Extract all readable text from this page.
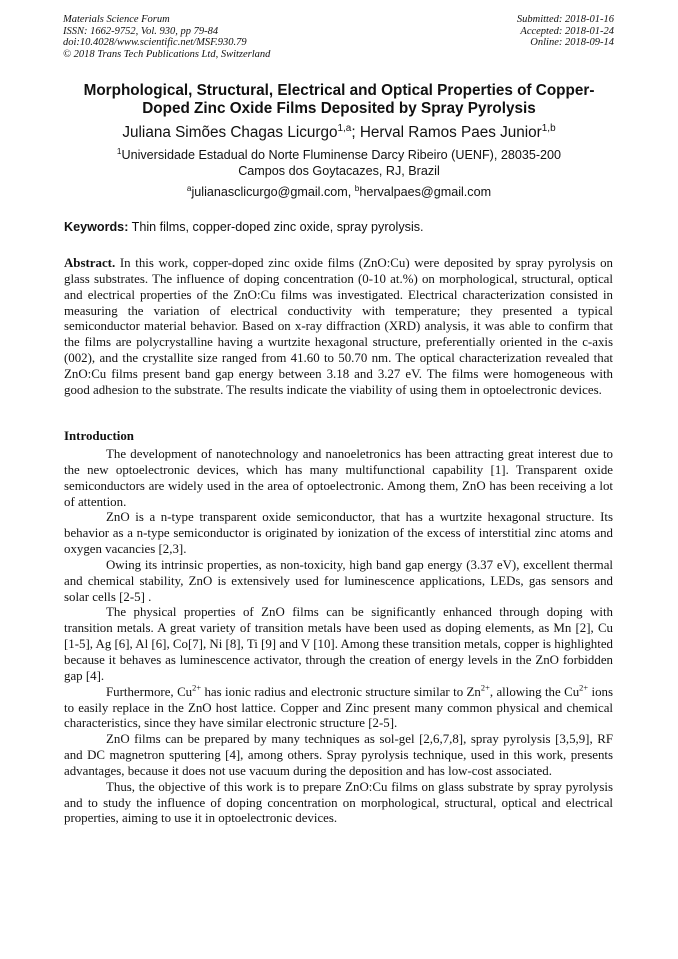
Materials Science Forum
ISSN: 1662-9752, Vol. 930, pp 79-84
doi:10.4028/www.scientific.net/MSF.930.79
© 2018 Trans Tech Publications Ltd, Switzerland
Submitted: 2018-01-16
Accepted: 2018-01-24
Online: 2018-09-14
Morphological, Structural, Electrical and Optical Properties of Copper-Doped Zinc Oxide Films Deposited by Spray Pyrolysis
Juliana Simões Chagas Licurgo$^{1,a}$; Herval Ramos Paes Junior$^{1,b}$
$^1$Universidade Estadual do Norte Fluminense Darcy Ribeiro (UENF), 28035-200
Campos dos Goytacazes, RJ, Brazil
$^a$julianasclicurgo@gmail.com, $^b$hervalpaes@gmail.com
Keywords: Thin films, copper-doped zinc oxide, spray pyrolysis.

Abstract. In this work, copper-doped zinc oxide films (ZnO:Cu) were deposited by spray pyrolysis on glass substrates. The influence of doping concentration (0-10 at.%) on morphological, structural, optical and electrical properties of the ZnO:Cu films was investigated. Electrical characterization consisted in measuring the variation of electrical conductivity with temperature; they presented a typical semiconductor material behavior. Based on x-ray diffraction (XRD) analysis, it was able to confirm that the films are polycrystalline having a wurtzite hexagonal structure, preferentially oriented in the c-axis (002), and the crystallite size ranged from 41.60 to 50.70 nm. The optical characterization revealed that ZnO:Cu films present band gap energy between 3.18 and 3.27 eV. The films were homogeneous with good adhesion to the substrate. The results indicate the viability of using them in optoelectronic devices.

Introduction

The development of nanotechnology and nanoeletronics has been attracting great interest due to the new optoelectronic devices, which has many multifunctional capability [1]. Transparent oxide semiconductors are widely used in the area of optoelectronic. Among them, ZnO has been receiving a lot of attention.

ZnO is a n-type transparent oxide semiconductor, that has a wurtzite hexagonal structure. Its behavior as a n-type semiconductor is originated by ionization of the excess of interstitial zinc atoms and oxygen vacancies [2,3].

Owing its intrinsic properties, as non-toxicity, high band gap energy (3.37 eV), excellent thermal and chemical stability, ZnO is extensively used for luminescence applications, LEDs, gas sensors and solar cells [2-5] .

The physical properties of ZnO films can be significantly enhanced through doping with transition metals. A great variety of transition metals have been used as doping elements, as Mn [2], Cu [1-5], Ag [6], Al [6], Co[7], Ni [8], Ti [9] and V [10]. Among these transition metals, copper is highlighted because it behaves as luminescence activator, through the creation of energy levels in the ZnO forbidden gap [4].

Furthermore, $Cu^{2+}$ has ionic radius and electronic structure similar to $Zn^{2+}$, allowing the $Cu^{2+}$ ions to easily replace in the ZnO host lattice. Copper and Zinc present many common physical and chemical characteristics, since they have similar electronic structure [2-5].

ZnO films can be prepared by many techniques as sol-gel [2,6,7,8], spray pyrolysis [3,5,9], RF and DC magnetron sputtering [4], among others. Spray pyrolysis technique, used in this work, presents advantages, because it does not use vacuum during the deposition and has low-cost associated.

Thus, the objective of this work is to prepare ZnO:Cu films on glass substrate by spray pyrolysis and to study the influence of doping concentration on morphological, structural, optical and electrical properties, aiming to use it in optoelectronic devices.
